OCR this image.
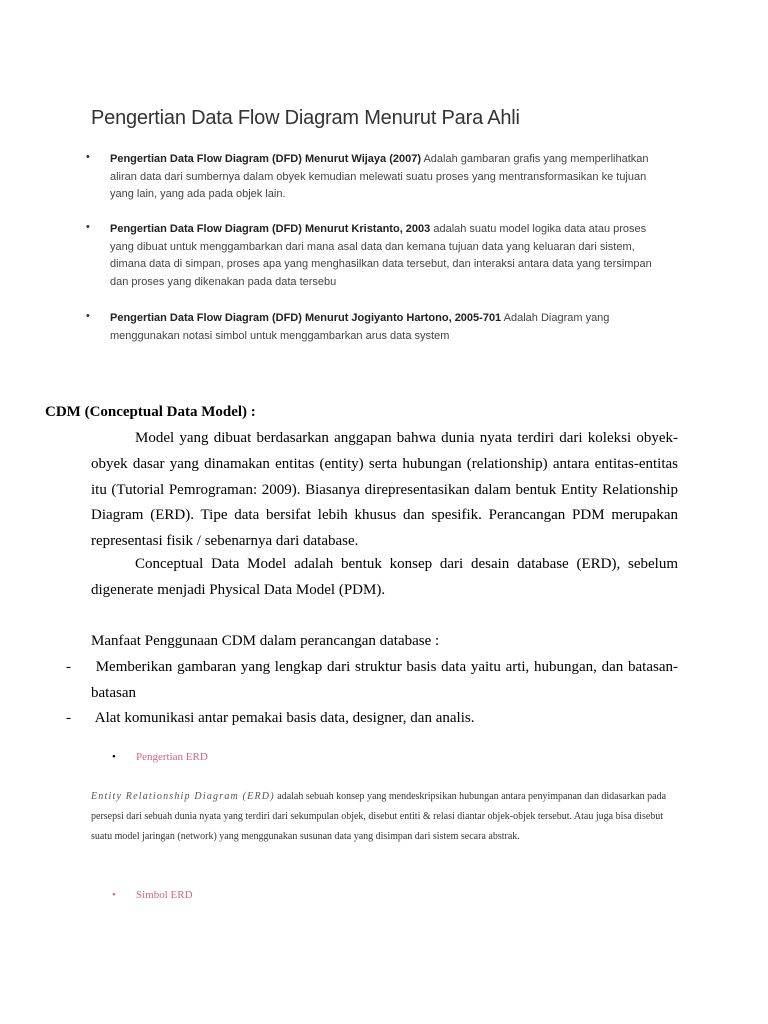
Pengertian Data Flow Diagram Menurut Para Ahli
• Pengertian Data Flow Diagram (DFD) Menurut Wijaya (2007) Adalah gambaran grafis yang memperlihatkan aliran data dari sumbernya dalam obyek kemudian melewati suatu proses yang mentransformasikan ke tujuan yang lain, yang ada pada objek lain.

• Pengertian Data Flow Diagram (DFD) Menurut Kristanto, 2003 adalah suatu model logika data atau proses yang dibuat untuk menggambarkan dari mana asal data dan kemana tujuan data yang keluaran dari sistem, dimana data di simpan, proses apa yang menghasilkan data tersebut, dan interaksi antara data yang tersimpan dan proses yang dikenakan pada data tersebu

• Pengertian Data Flow Diagram (DFD) Menurut Jogiyanto Hartono, 2005-701 Adalah Diagram yang menggunakan notasi simbol untuk menggambarkan arus data system

CDM (Conceptual Data Model) :

Model yang dibuat berdasarkan anggapan bahwa dunia nyata terdiri dari koleksi obyek-obyek dasar yang dinamakan entitas (entity) serta hubungan (relationship) antara entitas-entitas itu (Tutorial Pemrograman: 2009). Biasanya direpresentasikan dalam bentuk Entity Relationship Diagram (ERD). Tipe data bersifat lebih khusus dan spesifik. Perancangan PDM merupakan representasi fisik / sebenarnya dari database.

Conceptual Data Model adalah bentuk konsep dari desain database (ERD), sebelum digenerate menjadi Physical Data Model (PDM).

Manfaat Penggunaan CDM dalam perancangan database :

-	Memberikan gambaran yang lengkap dari struktur basis data yaitu arti, hubungan, dan batasan-batasan

- Alat komunikasi antar pemakai basis data, designer, dan analis.

• Pengertian ERD

Entity Relationship Diagram (ERD) adalah sebuah konsep yang mendeskripsikan hubungan antara penyimpanan dan didasarkan pada persepsi dari sebuah dunia nyata yang terdiri dari sekumpulan objek, disebut entiti & relasi diantar objek-objek tersebut. Atau juga bisa disebut suatu model jaringan (network) yang menggunakan susunan data yang disimpan dari sistem secara abstrak.

• Simbol ERD
